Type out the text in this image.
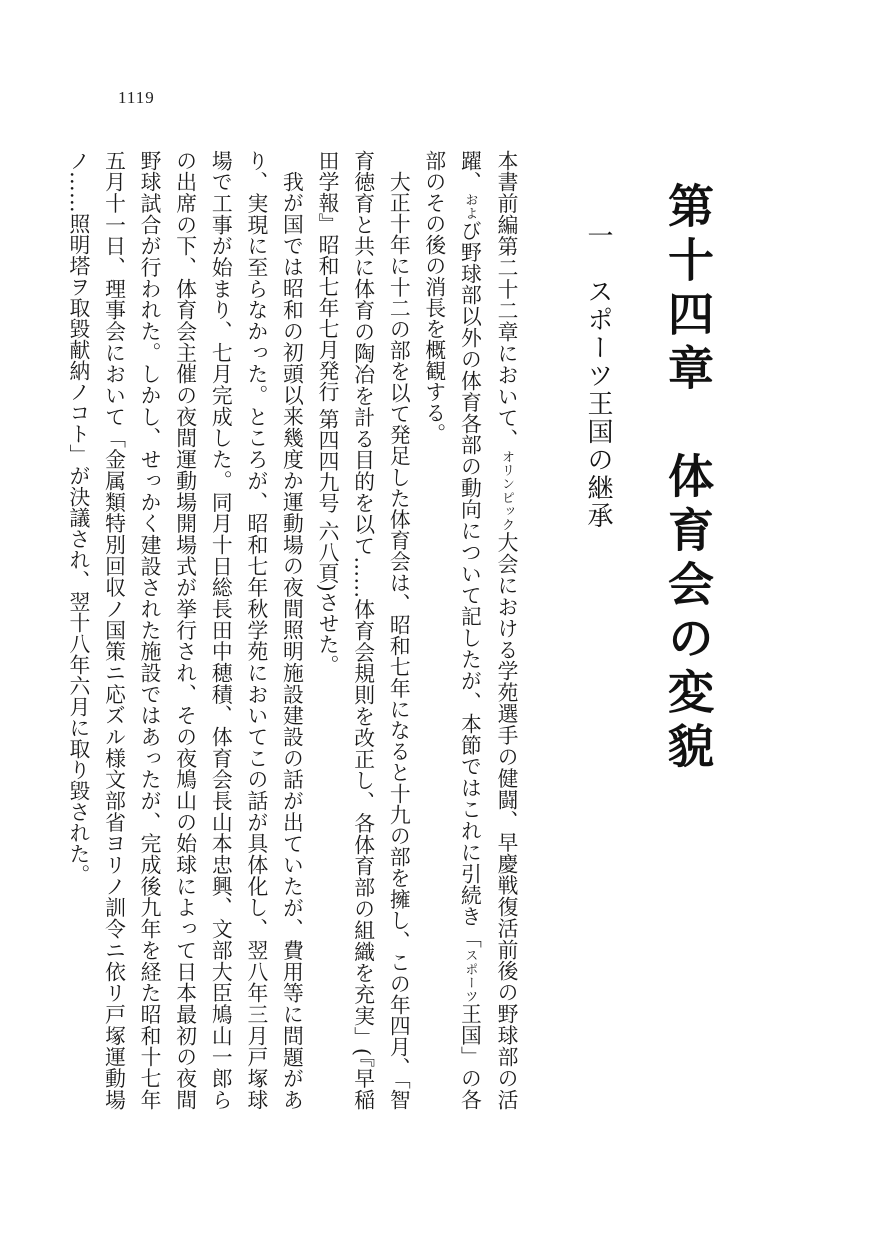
1119
第十四章　体育会の変貌
一　スポーツ王国の継承

本書前編第二十二章において、オリンピック大会における学苑選手の健闘、早慶戦復活前後の野球部の活躍、および野球部以外の体育各部の動向について記したが、本節ではこれに引続き「スポーツ王国」の各部のその後の消長を概観する。

大正十年に十二の部を以て発足した体育会は、昭和七年になると十九の部を擁し、この年四月、「智育徳育と共に体育の陶冶を計る目的を以て……体育会規則を改正し、各体育部の組織を充実」(『早稲田学報』昭和七年七月発行 第四四九号 六八頁)させた。

我が国では昭和の初頭以来幾度か運動場の夜間照明施設建設の話が出ていたが、費用等に問題があり、実現に至らなかった。ところが、昭和七年秋学苑においてこの話が具体化し、翌八年三月戸塚球場で工事が始まり、七月完成した。同月十日総長田中穂積、体育会長山本忠興、文部大臣鳩山一郎らの出席の下、体育会主催の夜間運動場開場式が挙行され、その夜鳩山の始球によって日本最初の夜間野球試合が行われた。しかし、せっかく建設された施設ではあったが、完成後九年を経た昭和十七年五月十一日、理事会において「金属類特別回収ノ国策ニ応ズル様文部省ヨリノ訓令ニ依リ戸塚運動場ノ……照明塔ヲ取毀献納ノコト」が決議され、翌十八年六月に取り毀された。
